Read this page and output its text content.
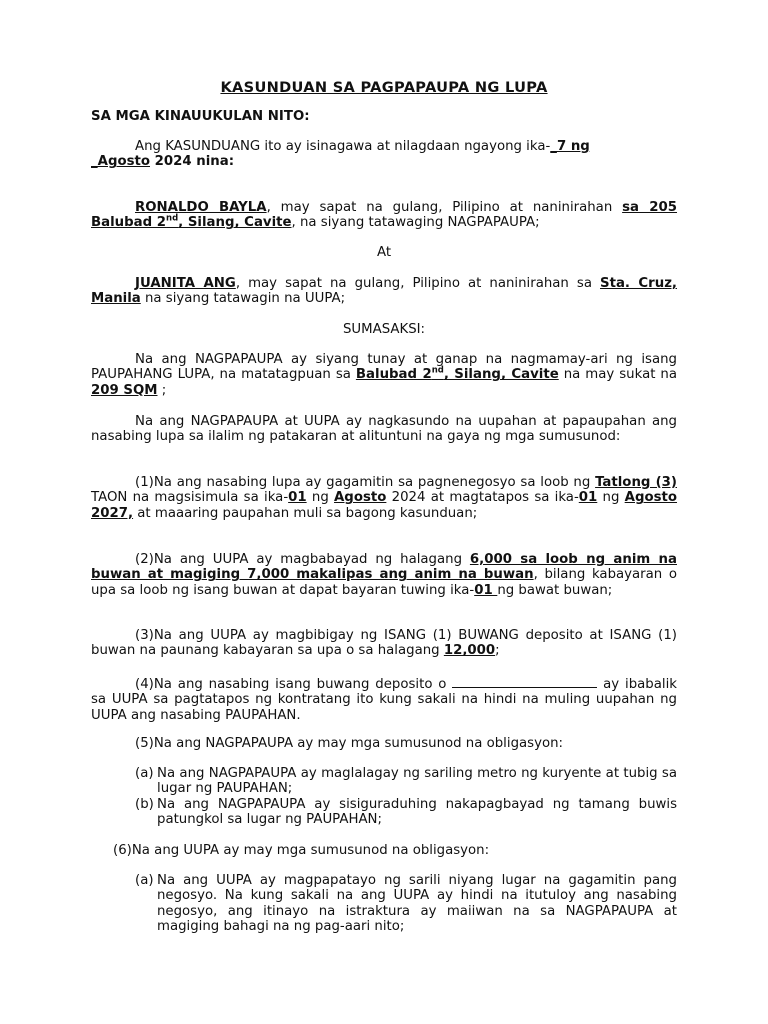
KASUNDUAN SA PAGPAPAUPA NG LUPA
SA MGA KINAUUKULAN NITO:
Ang KASUNDUANG ito ay isinagawa at nilagdaan ngayong ika-_7 ng
_Agosto 2024 nina:
RONALDO BAYLA, may sapat na gulang, Pilipino at naninirahan sa 205 Balubad 2nd, Silang, Cavite, na siyang tatawaging NAGPAPAUPA;
At
JUANITA ANG, may sapat na gulang, Pilipino at naninirahan sa Sta. Cruz, Manila na siyang tatawagin na UUPA;
SUMASAKSI:
Na ang NAGPAPAUPA ay siyang tunay at ganap na nagmamay-ari ng isang PAUPAHANG LUPA, na matatagpuan sa Balubad 2nd, Silang, Cavite na may sukat na 209 SQM ;
Na ang NAGPAPAUPA at UUPA ay nagkasundo na uupahan at papaupahan ang nasabing lupa sa ilalim ng patakaran at alituntuni na gaya ng mga sumusunod:
(1)Na ang nasabing lupa ay gagamitin sa pagnenegosyo sa loob ng Tatlong (3) TAON na magsisimula sa ika-01 ng Agosto 2024 at magtatapos sa ika-01 ng Agosto 2027, at maaaring paupahan muli sa bagong kasunduan;
(2)Na ang UUPA ay magbabayad ng halagang 6,000 sa loob ng anim na buwan at magiging 7,000 makalipas ang anim na buwan, bilang kabayaran o upa sa loob ng isang buwan at dapat bayaran tuwing ika-01 ng bawat buwan;
(3)Na ang UUPA ay magbibigay ng ISANG (1) BUWANG deposito at ISANG (1) buwan na paunang kabayaran sa upa o sa halagang 12,000;
(4)Na ang nasabing isang buwang deposito o	ay ibabalik sa UUPA sa pagtatapos ng kontratang ito kung sakali na hindi na muling uupahan ng UUPA ang nasabing PAUPAHAN.
(5)Na ang NAGPAPAUPA ay may mga sumusunod na obligasyon:
(a) Na ang NAGPAPAUPA ay maglalagay ng sariling metro ng kuryente at tubig sa lugar ng PAUPAHAN;
(b) Na ang NAGPAPAUPA ay sisiguraduhing nakapagbayad ng tamang buwis patungkol sa lugar ng PAUPAHAN;
(6)Na ang UUPA ay may mga sumusunod na obligasyon:
(a) Na ang UUPA ay magpapatayo ng sarili niyang lugar na gagamitin pang negosyo. Na kung sakali na ang UUPA ay hindi na itutuloy ang nasabing negosyo, ang itinayo na istraktura ay maiiwan na sa NAGPAPAUPA at magiging bahagi na ng pag-aari nito;
